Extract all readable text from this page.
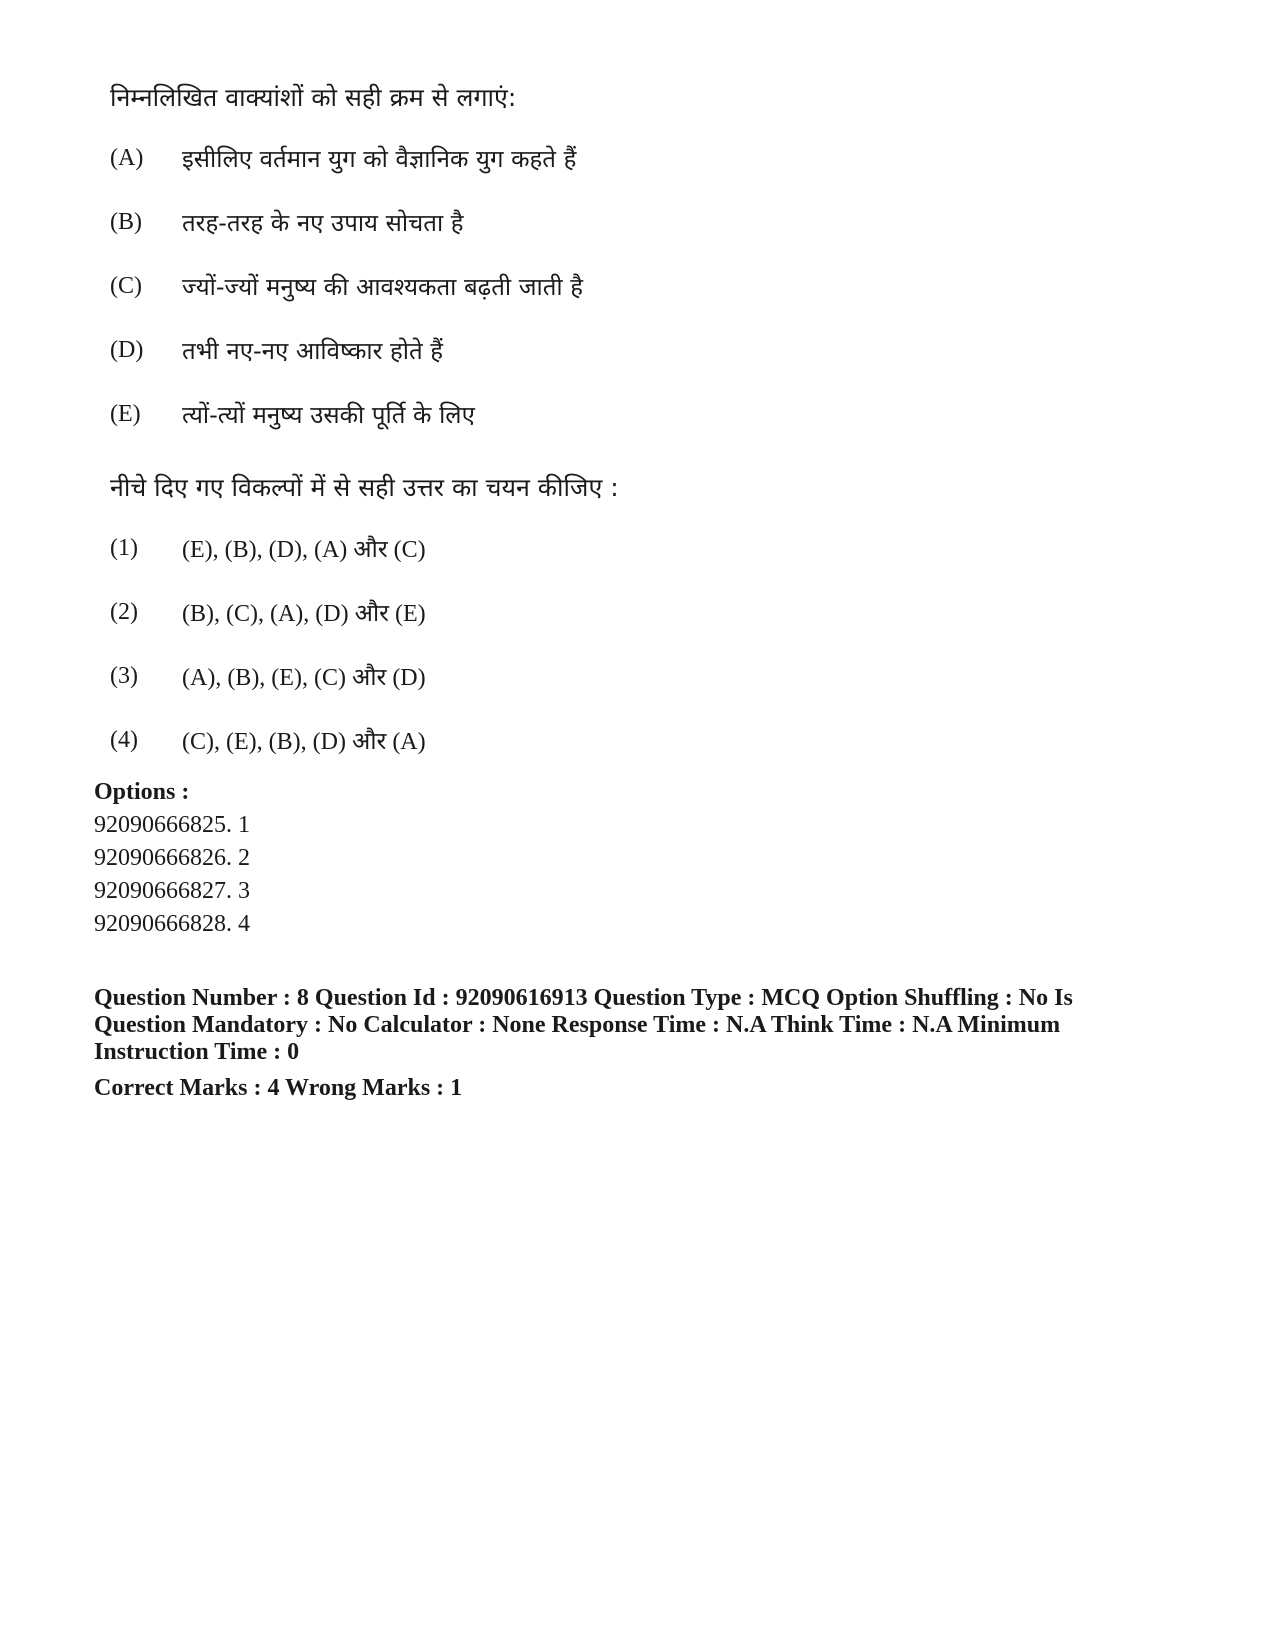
निम्नलिखित वाक्यांशों को सही क्रम से लगाएं:
(A)	इसीलिए वर्तमान युग को वैज्ञानिक युग कहते हैं
(B)	तरह-तरह के नए उपाय सोचता है
(C)	ज्यों-ज्यों मनुष्य की आवश्यकता बढ़ती जाती है
(D)	तभी नए-नए आविष्कार होते हैं
(E)	त्यों-त्यों मनुष्य उसकी पूर्ति के लिए
नीचे दिए गए विकल्पों में से सही उत्तर का चयन कीजिए :
(1)	(E), (B), (D), (A) और (C)
(2)	(B), (C), (A), (D) और (E)
(3)	(A), (B), (E), (C) और (D)
(4)	(C), (E), (B), (D) और (A)
Options :
92090666825. 1
92090666826. 2
92090666827. 3
92090666828. 4
Question Number : 8 Question Id : 92090616913 Question Type : MCQ Option Shuffling : No Is Question Mandatory : No Calculator : None Response Time : N.A Think Time : N.A Minimum Instruction Time : 0
Correct Marks : 4 Wrong Marks : 1
